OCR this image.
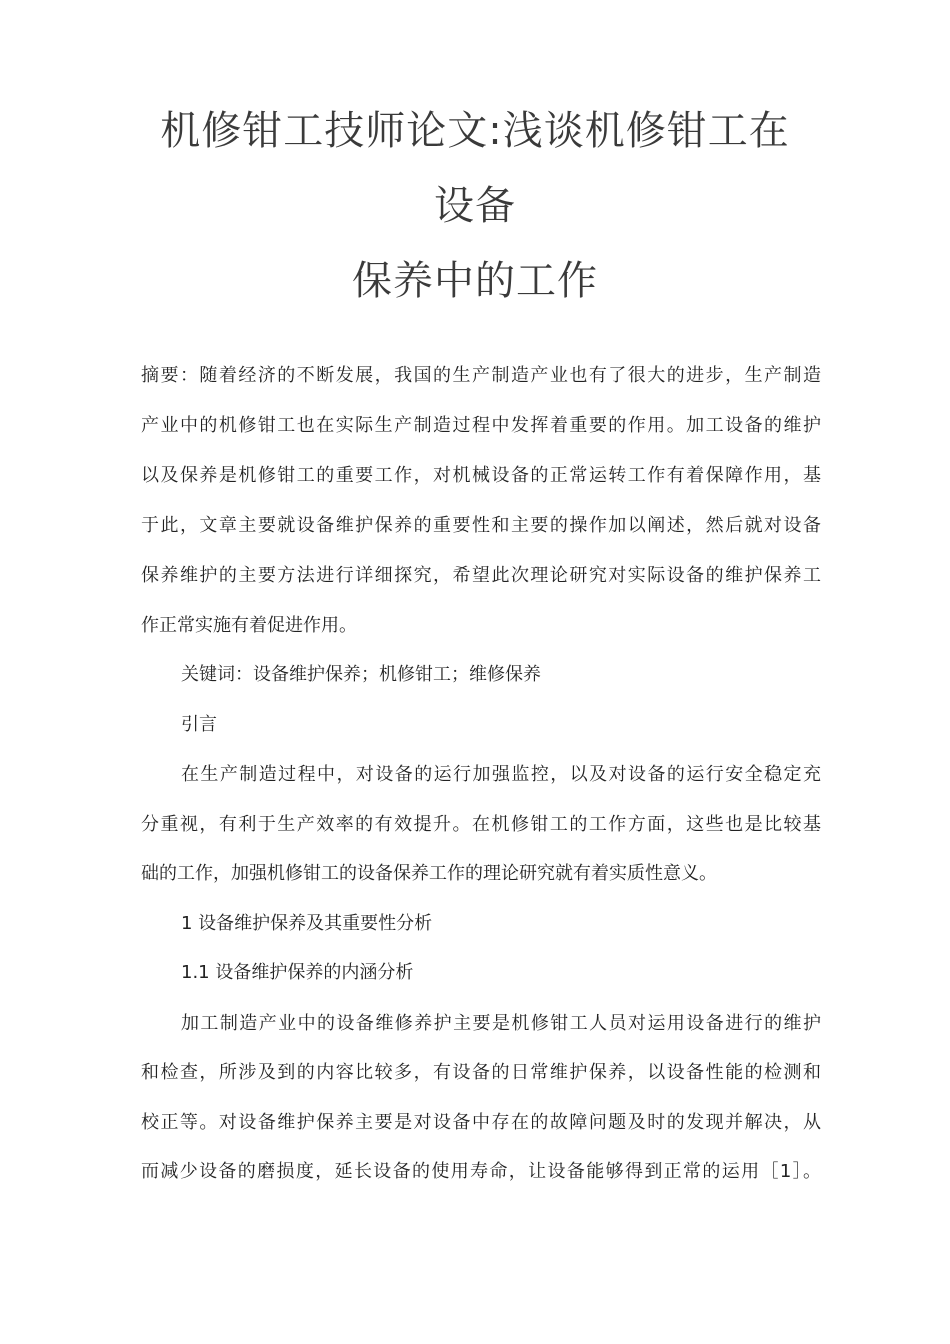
机修钳工技师论文:浅谈机修钳工在
设备
保养中的工作
摘要：随着经济的不断发展，我国的生产制造产业也有了很大的进步，生产制造
产业中的机修钳工也在实际生产制造过程中发挥着重要的作用。加工设备的维护
以及保养是机修钳工的重要工作，对机械设备的正常运转工作有着保障作用，基
于此，文章主要就设备维护保养的重要性和主要的操作加以阐述，然后就对设备
保养维护的主要方法进行详细探究，希望此次理论研究对实际设备的维护保养工
作正常实施有着促进作用。
关键词：设备维护保养；机修钳工；维修保养
引言
在生产制造过程中，对设备的运行加强监控，以及对设备的运行安全稳定充
分重视，有利于生产效率的有效提升。在机修钳工的工作方面，这些也是比较基
础的工作，加强机修钳工的设备保养工作的理论研究就有着实质性意义。
1 设备维护保养及其重要性分析
1.1 设备维护保养的内涵分析
加工制造产业中的设备维修养护主要是机修钳工人员对运用设备进行的维护
和检查，所涉及到的内容比较多，有设备的日常维护保养，以设备性能的检测和
校正等。对设备维护保养主要是对设备中存在的故障问题及时的发现并解决，从
而减少设备的磨损度，延长设备的使用寿命，让设备能够得到正常的运用［1］。
